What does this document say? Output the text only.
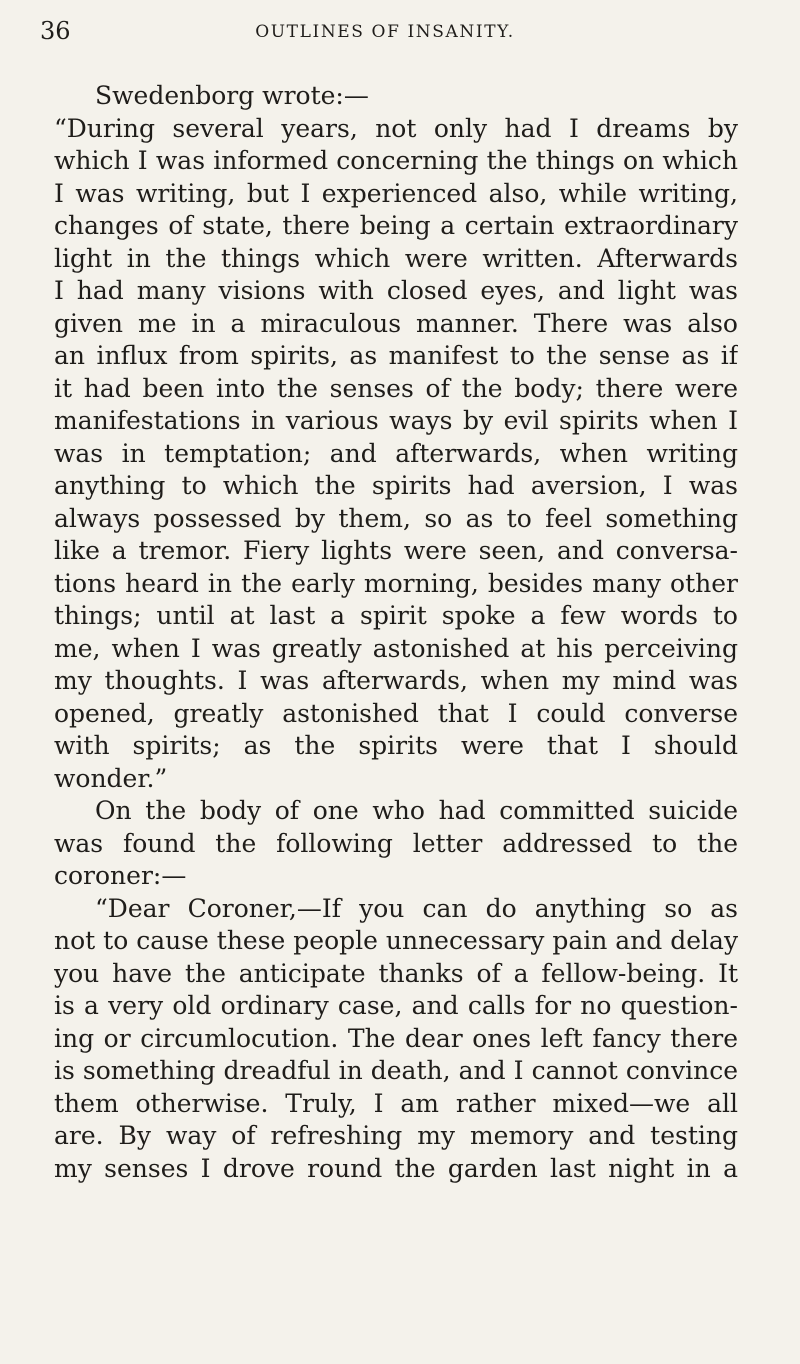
36	OUTLINES OF INSANITY.
Swedenborg wrote:—
“During several years, not only had I dreams by
which I was informed concerning the things on which
I was writing, but I experienced also, while writing,
changes of state, there being a certain extraordinary
light in the things which were written. Afterwards
I had many visions with closed eyes, and light was
given me in a miraculous manner. There was also
an influx from spirits, as manifest to the sense as if
it had been into the senses of the body; there were
manifestations in various ways by evil spirits when I
was in temptation; and afterwards, when writing
anything to which the spirits had aversion, I was
always possessed by them, so as to feel something
like a tremor. Fiery lights were seen, and conversa-
tions heard in the early morning, besides many other
things; until at last a spirit spoke a few words to
me, when I was greatly astonished at his perceiving
my thoughts. I was afterwards, when my mind was
opened, greatly astonished that I could converse
with spirits; as the spirits were that I should
wonder.”
On the body of one who had committed suicide
was found the following letter addressed to the
coroner:—
“Dear Coroner,—If you can do anything so as
not to cause these people unnecessary pain and delay
you have the anticipate thanks of a fellow-being. It
is a very old ordinary case, and calls for no question-
ing or circumlocution. The dear ones left fancy there
is something dreadful in death, and I cannot convince
them otherwise. Truly, I am rather mixed—we all
are. By way of refreshing my memory and testing
my senses I drove round the garden last night in a
